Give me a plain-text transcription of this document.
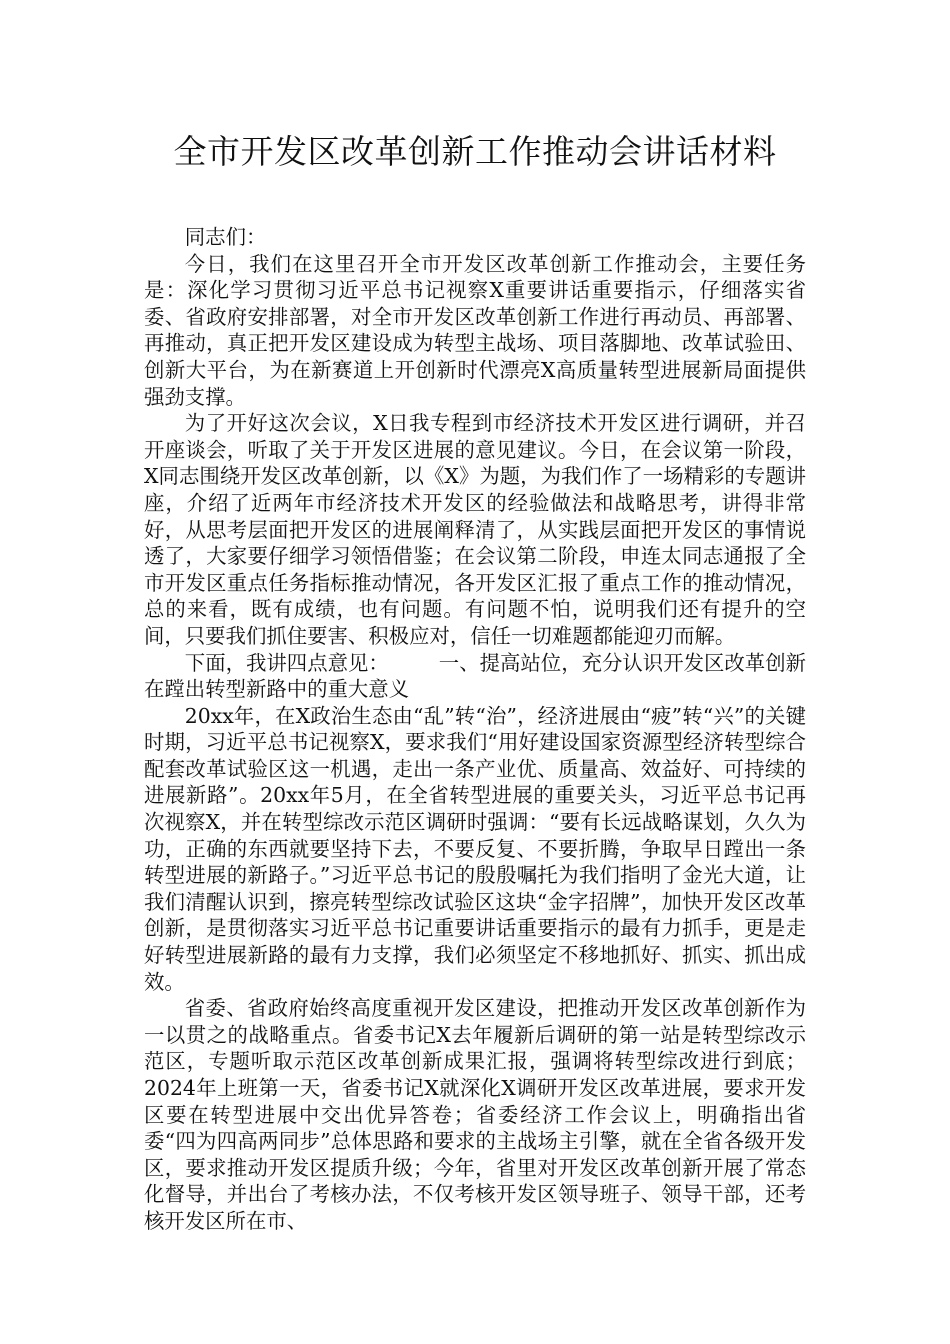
全市开发区改革创新工作推动会讲话材料

同志们：

今日，我们在这里召开全市开发区改革创新工作推动会，主要任务是：深化学习贯彻习近平总书记视察X重要讲话重要指示，仔细落实省委、省政府安排部署，对全市开发区改革创新工作进行再动员、再部署、再推动，真正把开发区建设成为转型主战场、项目落脚地、改革试验田、创新大平台，为在新赛道上开创新时代漂亮X高质量转型进展新局面提供强劲支撑。

为了开好这次会议，X日我专程到市经济技术开发区进行调研，并召开座谈会，听取了关于开发区进展的意见建议。今日，在会议第一阶段，X同志围绕开发区改革创新，以《X》为题，为我们作了一场精彩的专题讲座，介绍了近两年市经济技术开发区的经验做法和战略思考，讲得非常好，从思考层面把开发区的进展阐释清了，从实践层面把开发区的事情说透了，大家要仔细学习领悟借鉴；在会议第二阶段，申连太同志通报了全市开发区重点任务指标推动情况，各开发区汇报了重点工作的推动情况，总的来看，既有成绩，也有问题。有问题不怕，说明我们还有提升的空间，只要我们抓住要害、积极应对，信任一切难题都能迎刃而解。

下面，我讲四点意见： 一、提高站位，充分认识开发区改革创新在蹚出转型新路中的重大意义

20xx年，在X政治生态由“乱”转“治”，经济进展由“疲”转“兴”的关键时期，习近平总书记视察X，要求我们“用好建设国家资源型经济转型综合配套改革试验区这一机遇，走出一条产业优、质量高、效益好、可持续的进展新路”。20xx年5月，在全省转型进展的重要关头，习近平总书记再次视察X，并在转型综改示范区调研时强调：“要有长远战略谋划，久久为功，正确的东西就要坚持下去，不要反复、不要折腾，争取早日蹚出一条转型进展的新路子。”习近平总书记的殷殷嘱托为我们指明了金光大道，让我们清醒认识到，擦亮转型综改试验区这块“金字招牌”，加快开发区改革创新，是贯彻落实习近平总书记重要讲话重要指示的最有力抓手，更是走好转型进展新路的最有力支撑，我们必须坚定不移地抓好、抓实、抓出成效。

省委、省政府始终高度重视开发区建设，把推动开发区改革创新作为一以贯之的战略重点。省委书记X去年履新后调研的第一站是转型综改示范区，专题听取示范区改革创新成果汇报，强调将转型综改进行到底；2024年上班第一天，省委书记X就深化X调研开发区改革进展，要求开发区要在转型进展中交出优异答卷；省委经济工作会议上，明确指出省委“四为四高两同步”总体思路和要求的主战场主引擎，就在全省各级开发区，要求推动开发区提质升级；今年，省里对开发区改革创新开展了常态化督导，并出台了考核办法，不仅考核开发区领导班子、领导干部，还考核开发区所在市、
